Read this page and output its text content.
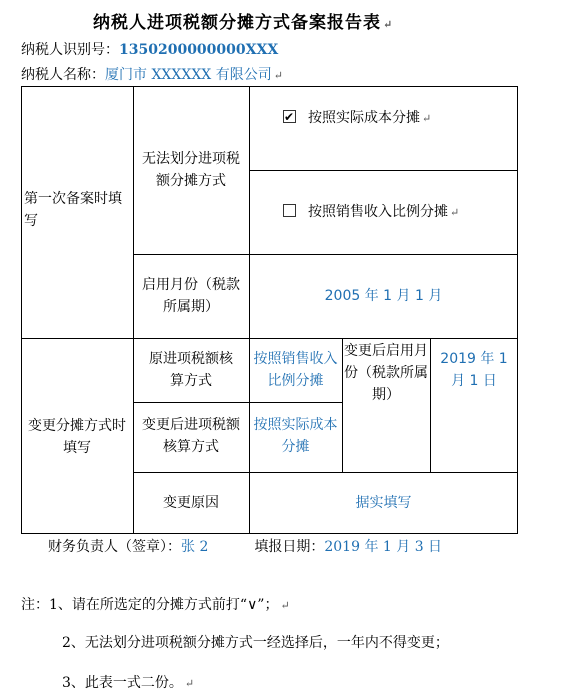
纳税人进项税额分摊方式备案报告表 ↵
纳税人识别号：1350200000000XXX
纳税人名称：厦门市 XXXXXX 有限公司 ↵
第一次备案时填写
无法划分进项税额分摊方式
✔按照实际成本分摊 ↵
按照销售收入比例分摊 ↵
启用月份（税款所属期）
2005 年 1 月 1 月
变更分摊方式时填写
原进项税额核算方式
按照销售收入比例分摊
变更后进项税额核算方式
按照实际成本分摊
变更后启用月份（税款所属期）
2019 年 1 月 1 日
变更原因	据实填写
财务负责人（签章）：张 2	填报日期：2019 年 1 月 3 日
注：1、请在所选定的分摊方式前打“∨”； ↵
2、无法划分进项税额分摊方式一经选择后，一年内不得变更；
3、此表一式二份。 ↵
